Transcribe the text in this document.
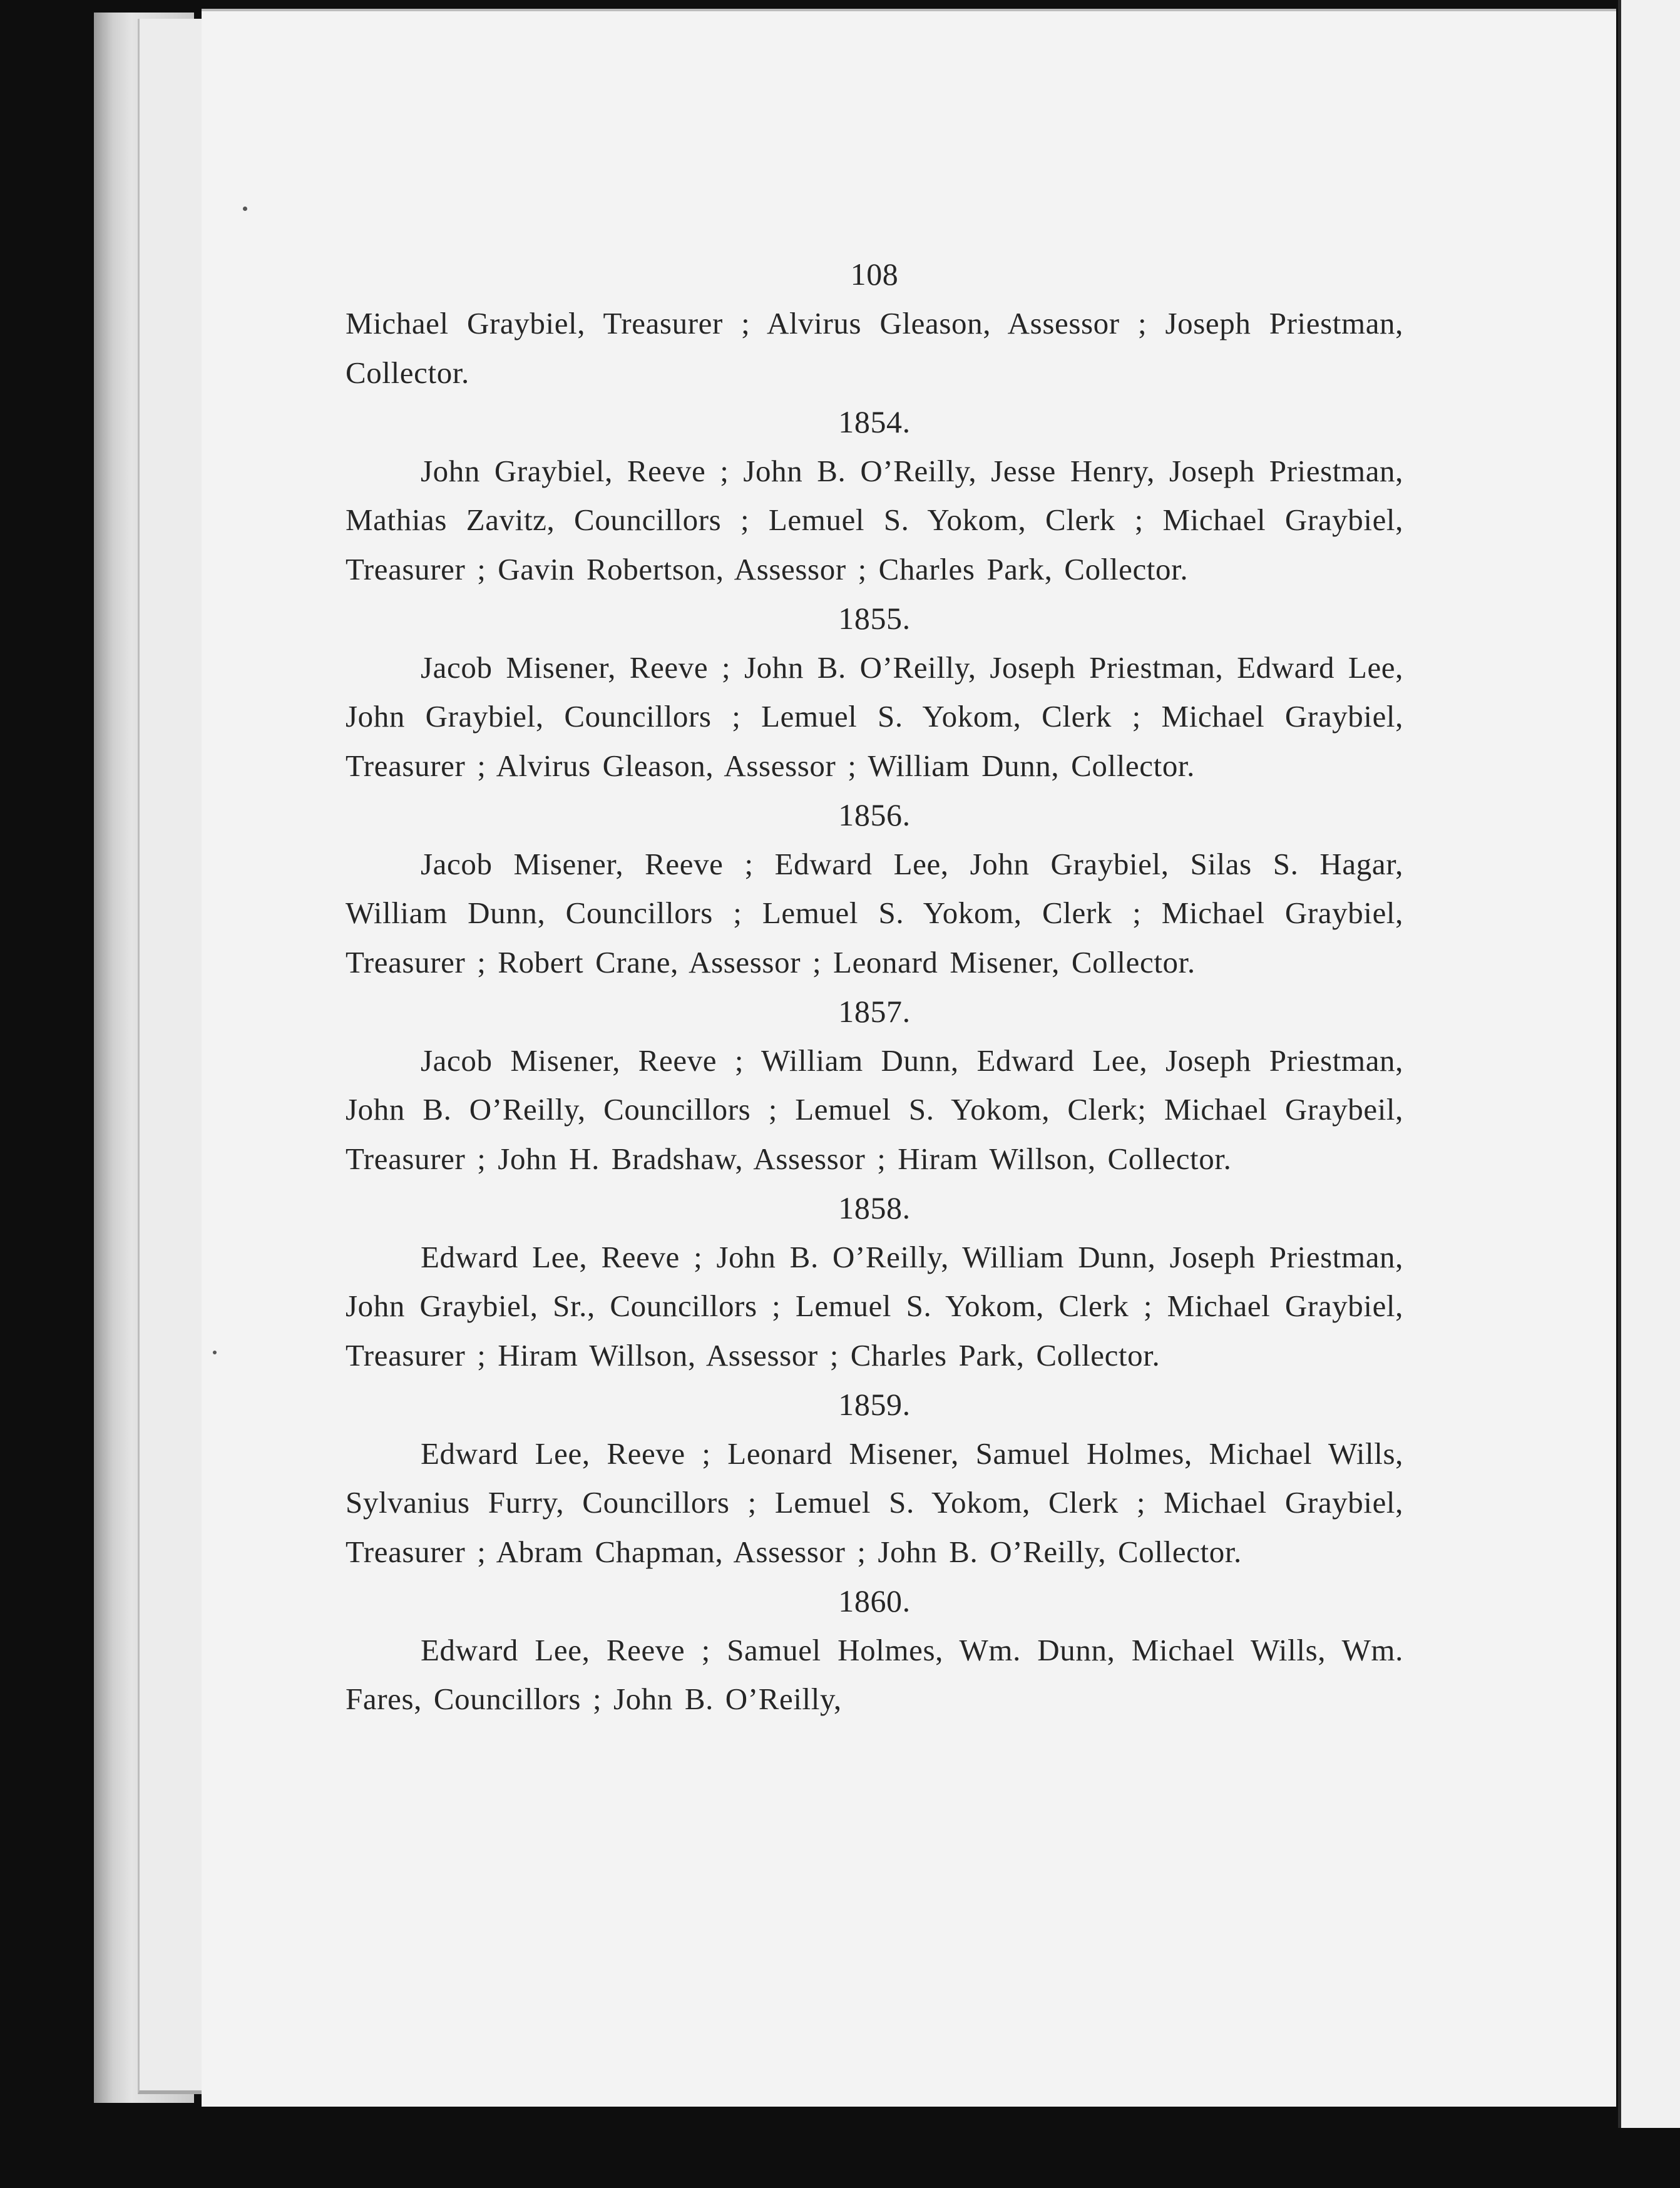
108

Michael Graybiel, Treasurer ; Alvirus Gleason, Assessor ; Joseph Priestman, Collector.

1854.

John Graybiel, Reeve ; John B. O’Reilly, Jesse Henry, Joseph Priestman, Mathias Zavitz, Councillors ; Lemuel S. Yokom, Clerk ; Michael Graybiel, Treasurer ; Gavin Robertson, Assessor ; Charles Park, Collector.

1855.

Jacob Misener, Reeve ; John B. O’Reilly, Joseph Priestman, Edward Lee, John Graybiel, Councillors ; Lemuel S. Yokom, Clerk ; Michael Graybiel, Treasurer ; Alvirus Gleason, Assessor ; William Dunn, Collector.

1856.

Jacob Misener, Reeve ; Edward Lee, John Graybiel, Silas S. Hagar, William Dunn, Councillors ; Lemuel S. Yokom, Clerk ; Michael Graybiel, Treasurer ; Robert Crane, Assessor ; Leonard Misener, Collector.

1857.

Jacob Misener, Reeve ; William Dunn, Edward Lee, Joseph Priestman, John B. O’Reilly, Councillors ; Lemuel S. Yokom, Clerk; Michael Graybeil, Treasurer ; John H. Bradshaw, Assessor ; Hiram Willson, Collector.

1858.

Edward Lee, Reeve ; John B. O’Reilly, William Dunn, Joseph Priestman, John Graybiel, Sr., Councillors ; Lemuel S. Yokom, Clerk ; Michael Graybiel, Treasurer ; Hiram Willson, Assessor ; Charles Park, Collector.

1859.

Edward Lee, Reeve ; Leonard Misener, Samuel Holmes, Michael Wills, Sylvanius Furry, Councillors ; Lemuel S. Yokom, Clerk ; Michael Graybiel, Treasurer ; Abram Chapman, Assessor ; John B. O’Reilly, Collector.

1860.

Edward Lee, Reeve ; Samuel Holmes, Wm. Dunn, Michael Wills, Wm. Fares, Councillors ; John B. O’Reilly,
